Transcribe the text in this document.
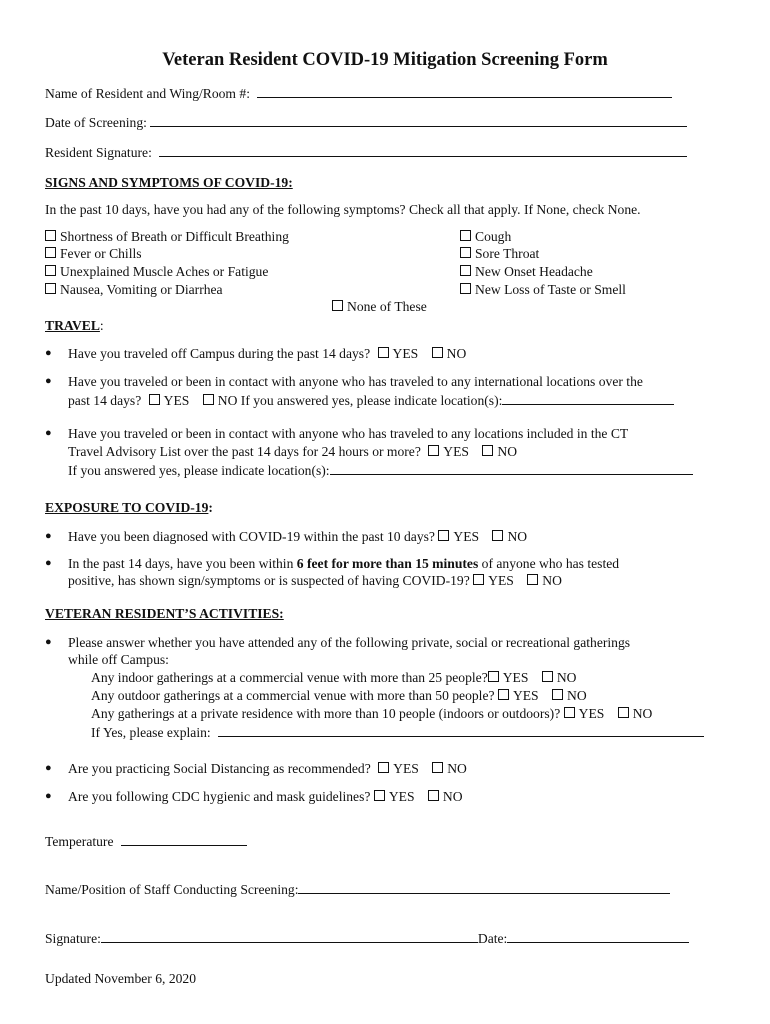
Veteran Resident COVID-19 Mitigation Screening Form
Name of Resident and Wing/Room #:
Date of Screening:
Resident Signature:
SIGNS AND SYMPTOMS OF COVID-19:
In the past 10 days, have you had any of the following symptoms? Check all that apply. If None, check None.
Shortness of Breath or Difficult Breathing
Fever or Chills
Unexplained Muscle Aches or Fatigue
Nausea, Vomiting or Diarrhea
Cough
Sore Throat
New Onset Headache
New Loss of Taste or Smell
None of These
TRAVEL:
● Have you traveled off Campus during the past 14 days? YES NO
● Have you traveled or been in contact with anyone who has traveled to any international locations over the
past 14 days? YES NO If you answered yes, please indicate location(s):
● Have you traveled or been in contact with anyone who has traveled to any locations included in the CT
Travel Advisory List over the past 14 days for 24 hours or more? YES NO
If you answered yes, please indicate location(s):
EXPOSURE TO COVID-19:
● Have you been diagnosed with COVID-19 within the past 10 days? YES NO
● In the past 14 days, have you been within 6 feet for more than 15 minutes of anyone who has tested
positive, has shown sign/symptoms or is suspected of having COVID-19? YES NO
VETERAN RESIDENT’S ACTIVITIES:
● Please answer whether you have attended any of the following private, social or recreational gatherings
while off Campus:
Any indoor gatherings at a commercial venue with more than 25 people? YES NO
Any outdoor gatherings at a commercial venue with more than 50 people? YES NO
Any gatherings at a private residence with more than 10 people (indoors or outdoors)? YES NO
If Yes, please explain:
● Are you practicing Social Distancing as recommended? YES NO
● Are you following CDC hygienic and mask guidelines? YES NO
Temperature
Name/Position of Staff Conducting Screening:
Signature:	Date:
Updated November 6, 2020
